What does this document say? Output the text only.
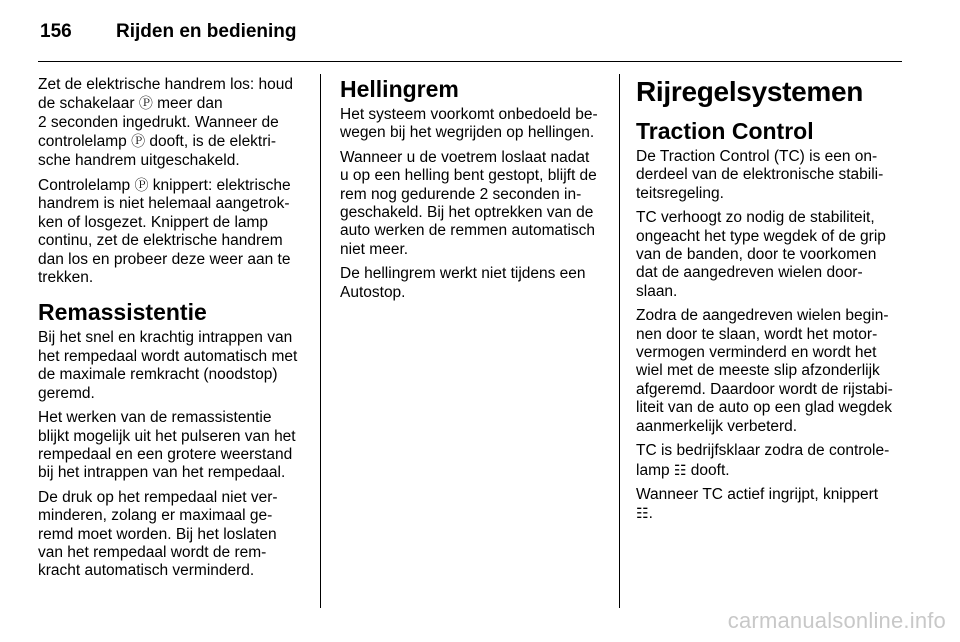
156	Rijden en bediening

Zet de elektrische handrem los: houd
de schakelaar Ⓟ meer dan
2 seconden ingedrukt. Wanneer de
controlelamp Ⓟ dooft, is de elektri-
sche handrem uitgeschakeld.

Controlelamp Ⓟ knippert: elektrische
handrem is niet helemaal aangetrok-
ken of losgezet. Knippert de lamp
continu, zet de elektrische handrem
dan los en probeer deze weer aan te
trekken.

Remassistentie

Bij het snel en krachtig intrappen van
het rempedaal wordt automatisch met
de maximale remkracht (noodstop)
geremd.

Het werken van de remassistentie
blijkt mogelijk uit het pulseren van het
rempedaal en een grotere weerstand
bij het intrappen van het rempedaal.

De druk op het rempedaal niet ver-
minderen, zolang er maximaal ge-
remd moet worden. Bij het loslaten
van het rempedaal wordt de rem-
kracht automatisch verminderd.

Hellingrem

Het systeem voorkomt onbedoeld be-
wegen bij het wegrijden op hellingen.

Wanneer u de voetrem loslaat nadat
u op een helling bent gestopt, blijft de
rem nog gedurende 2 seconden in-
geschakeld. Bij het optrekken van de
auto werken de remmen automatisch
niet meer.

De hellingrem werkt niet tijdens een
Autostop.

Rijregelsystemen
Traction Control

De Traction Control (TC) is een on-
derdeel van de elektronische stabili-
teitsregeling.

TC verhoogt zo nodig de stabiliteit,
ongeacht het type wegdek of de grip
van de banden, door te voorkomen
dat de aangedreven wielen door-
slaan.

Zodra de aangedreven wielen begin-
nen door te slaan, wordt het motor-
vermogen verminderd en wordt het
wiel met de meeste slip afzonderlijk
afgeremd. Daardoor wordt de rijstabi-
liteit van de auto op een glad wegdek
aanmerkelijk verbeterd.

TC is bedrijfsklaar zodra de controle-
lamp ☷ dooft.

Wanneer TC actief ingrijpt, knippert
☷.

carmanualsonline.info
